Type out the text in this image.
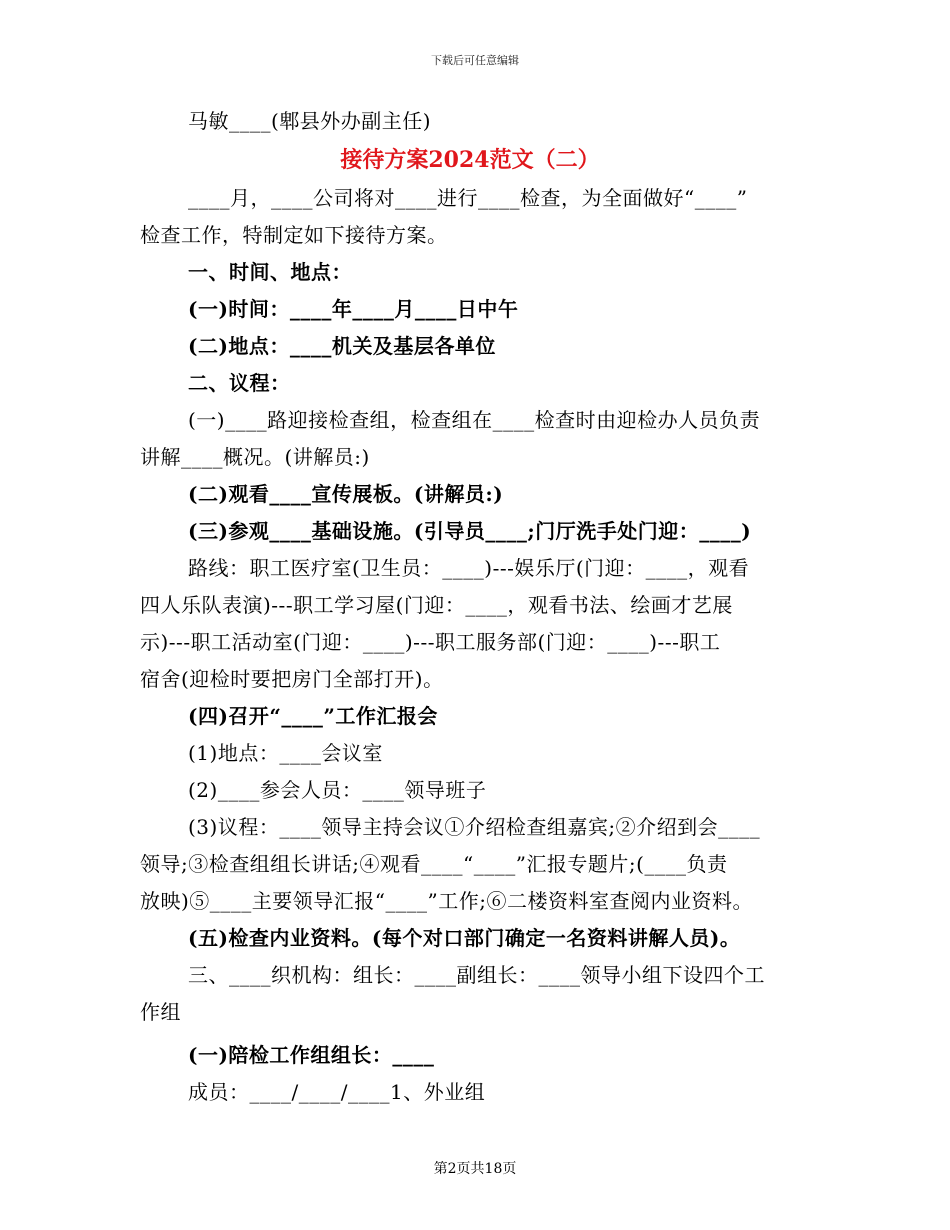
下载后可任意编辑
马敏____(郫县外办副主任)
接待方案2024范文（二）
____月，____公司将对____进行____检查，为全面做好“____”
检查工作，特制定如下接待方案。
一、时间、地点：
(一)时间：____年____月____日中午
(二)地点：____机关及基层各单位
二、议程：
(一)____路迎接检查组，检查组在____检查时由迎检办人员负责
讲解____概况。(讲解员:)
(二)观看____宣传展板。(讲解员:)
(三)参观____基础设施。(引导员____;门厅洗手处门迎：____)
路线：职工医疗室(卫生员：____)---娱乐厅(门迎：____，观看
四人乐队表演)---职工学习屋(门迎：____，观看书法、绘画才艺展
示)---职工活动室(门迎：____)---职工服务部(门迎：____)---职工
宿舍(迎检时要把房门全部打开)。
(四)召开“____”工作汇报会
(1)地点：____会议室
(2)____参会人员：____领导班子
(3)议程：____领导主持会议①介绍检查组嘉宾;②介绍到会____
领导;③检查组组长讲话;④观看____“____”汇报专题片;(____负责
放映)⑤____主要领导汇报“____”工作;⑥二楼资料室查阅内业资料。
(五)检查内业资料。(每个对口部门确定一名资料讲解人员)。
三、____织机构：组长：____副组长：____领导小组下设四个工
作组
(一)陪检工作组组长：____
成员：____/____/____1、外业组
第2页共18页
